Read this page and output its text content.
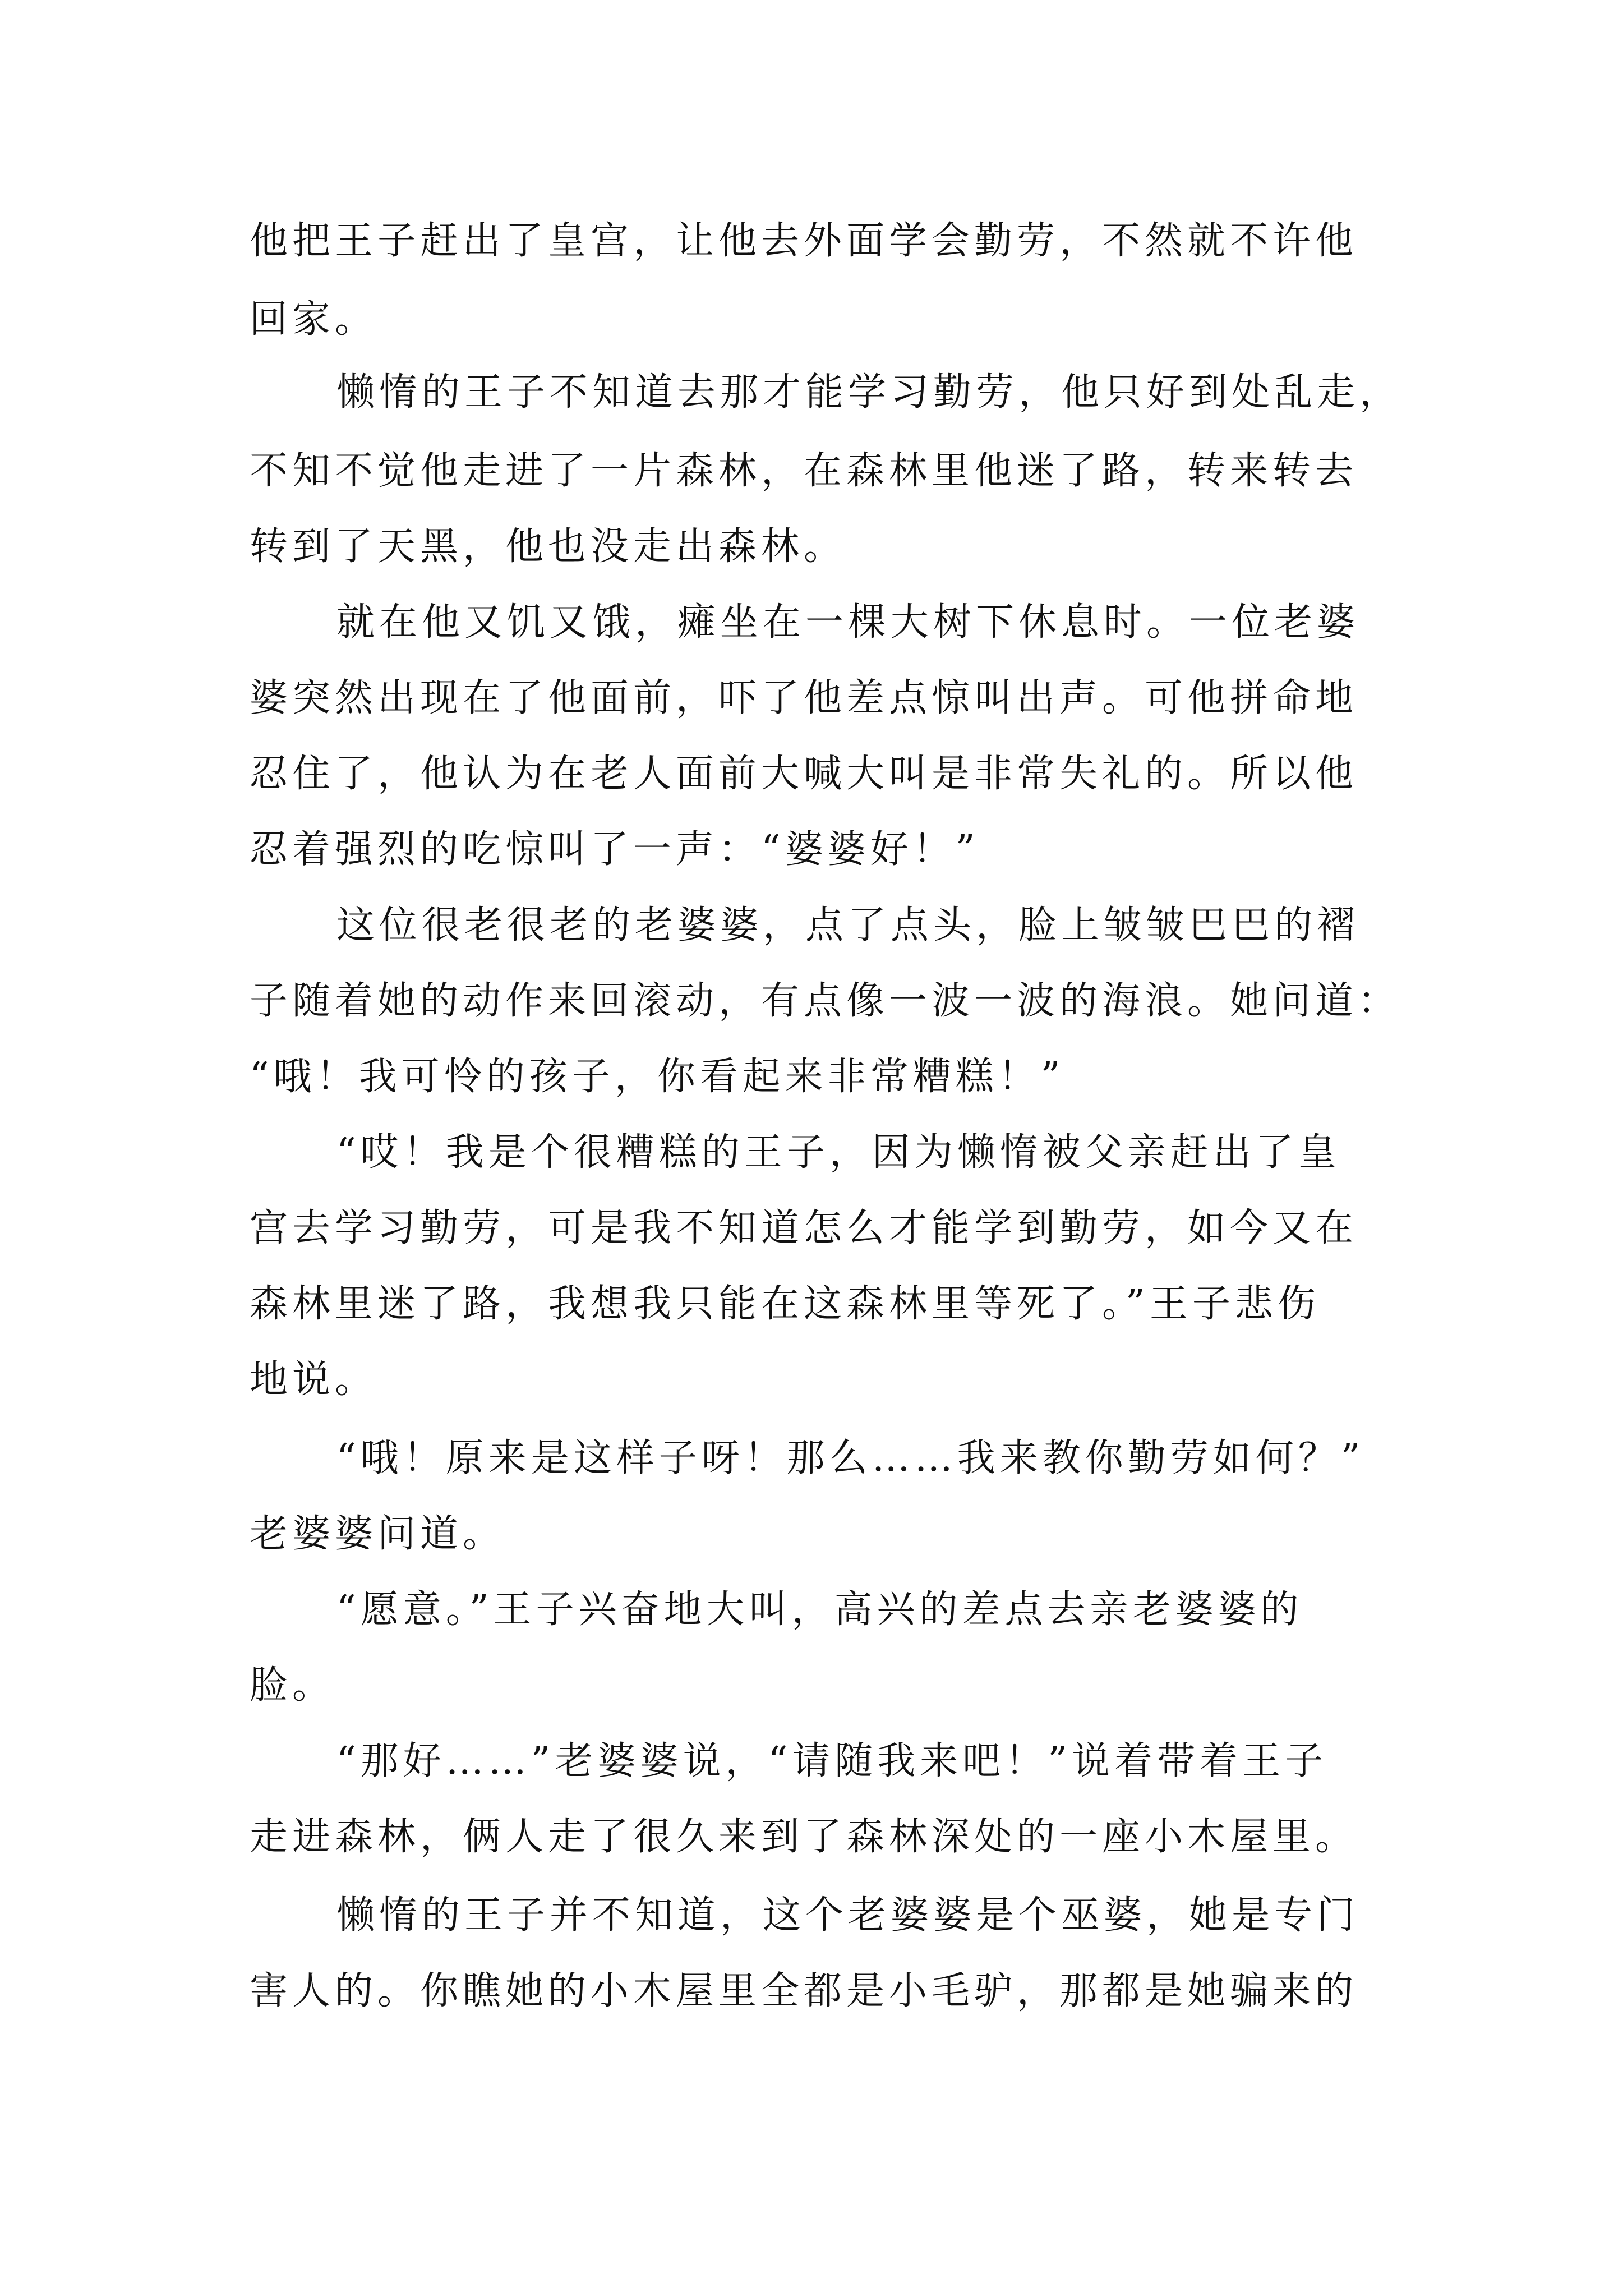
他把王子赶出了皇宫，让他去外面学会勤劳，不然就不许他
回家。
懒惰的王子不知道去那才能学习勤劳，他只好到处乱走，
不知不觉他走进了一片森林，在森林里他迷了路，转来转去
转到了天黑，他也没走出森林。
就在他又饥又饿，瘫坐在一棵大树下休息时。一位老婆
婆突然出现在了他面前，吓了他差点惊叫出声。可他拼命地
忍住了，他认为在老人面前大喊大叫是非常失礼的。所以他
忍着强烈的吃惊叫了一声：“婆婆好！”
这位很老很老的老婆婆，点了点头，脸上皱皱巴巴的褶
子随着她的动作来回滚动，有点像一波一波的海浪。她问道：
“哦！我可怜的孩子，你看起来非常糟糕！”
“哎！我是个很糟糕的王子，因为懒惰被父亲赶出了皇
宫去学习勤劳，可是我不知道怎么才能学到勤劳，如今又在
森林里迷了路，我想我只能在这森林里等死了。”王子悲伤
地说。
“哦！原来是这样子呀！那么……我来教你勤劳如何？”
老婆婆问道。
“愿意。”王子兴奋地大叫，高兴的差点去亲老婆婆的
脸。
“那好……”老婆婆说，“请随我来吧！”说着带着王子
走进森林，俩人走了很久来到了森林深处的一座小木屋里。
懒惰的王子并不知道，这个老婆婆是个巫婆，她是专门
害人的。你瞧她的小木屋里全都是小毛驴，那都是她骗来的
